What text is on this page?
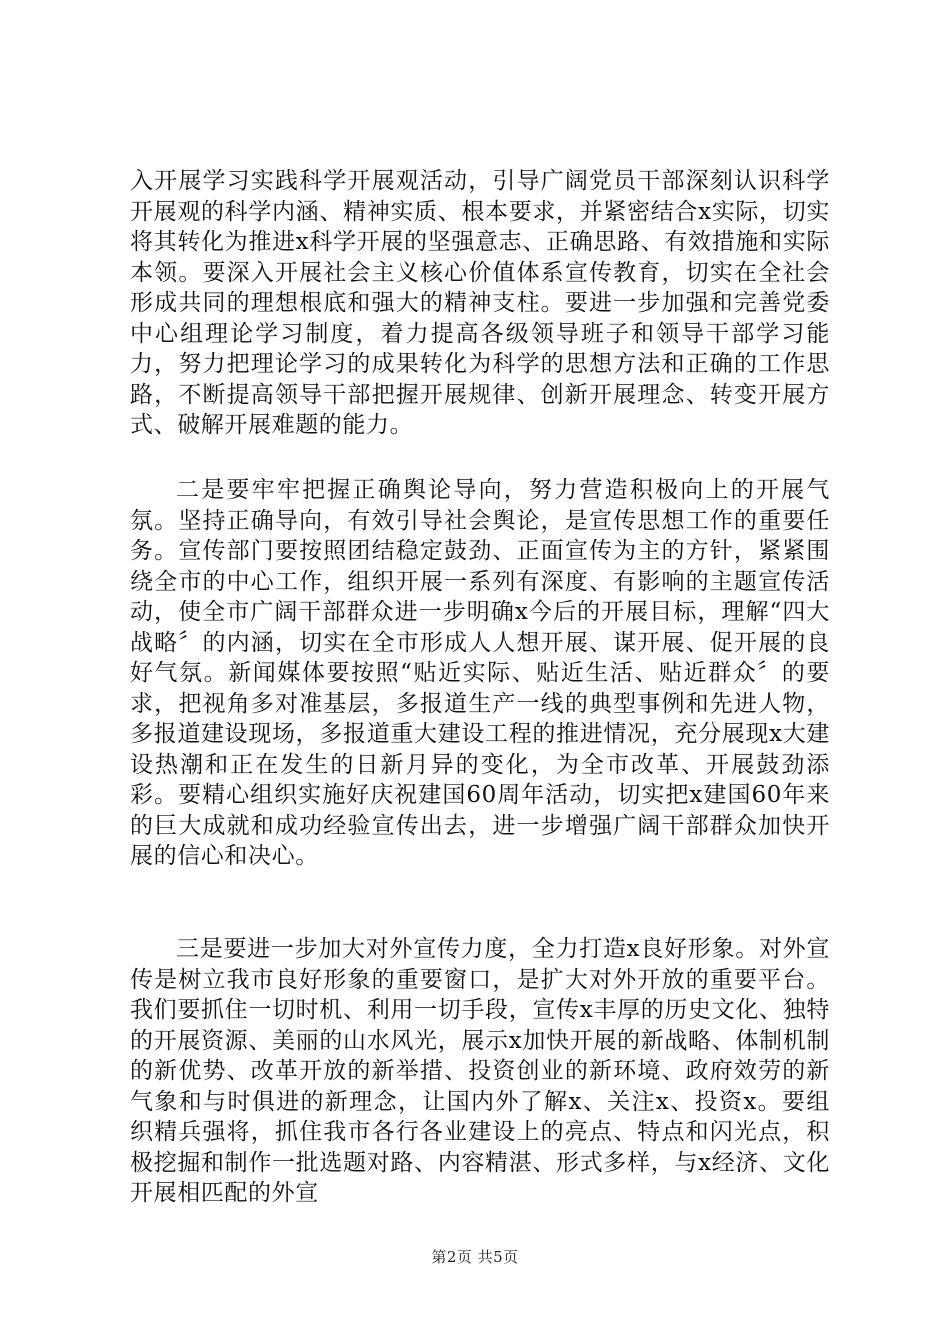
入开展学习实践科学开展观活动，引导广阔党员干部深刻认识科学开展观的科学内涵、精神实质、根本要求，并紧密结合x实际，切实将其转化为推进x科学开展的坚强意志、正确思路、有效措施和实际本领。要深入开展社会主义核心价值体系宣传教育，切实在全社会形成共同的理想根底和强大的精神支柱。要进一步加强和完善党委中心组理论学习制度，着力提高各级领导班子和领导干部学习能力，努力把理论学习的成果转化为科学的思想方法和正确的工作思路，不断提高领导干部把握开展规律、创新开展理念、转变开展方式、破解开展难题的能力。

二是要牢牢把握正确舆论导向，努力营造积极向上的开展气氛。坚持正确导向，有效引导社会舆论，是宣传思想工作的重要任务。宣传部门要按照团结稳定鼓劲、正面宣传为主的方针，紧紧围绕全市的中心工作，组织开展一系列有深度、有影响的主题宣传活动，使全市广阔干部群众进一步明确x今后的开展目标，理解“四大战略〞的内涵，切实在全市形成人人想开展、谋开展、促开展的良好气氛。新闻媒体要按照“贴近实际、贴近生活、贴近群众〞的要求，把视角多对准基层，多报道生产一线的典型事例和先进人物，多报道建设现场，多报道重大建设工程的推进情况，充分展现x大建设热潮和正在发生的日新月异的变化，为全市改革、开展鼓劲添彩。要精心组织实施好庆祝建国60周年活动，切实把x建国60年来的巨大成就和成功经验宣传出去，进一步增强广阔干部群众加快开展的信心和决心。

三是要进一步加大对外宣传力度，全力打造x良好形象。对外宣传是树立我市良好形象的重要窗口，是扩大对外开放的重要平台。我们要抓住一切时机、利用一切手段，宣传x丰厚的历史文化、独特的开展资源、美丽的山水风光，展示x加快开展的新战略、体制机制的新优势、改革开放的新举措、投资创业的新环境、政府效劳的新气象和与时俱进的新理念，让国内外了解x、关注x、投资x。要组织精兵强将，抓住我市各行各业建设上的亮点、特点和闪光点，积极挖掘和制作一批选题对路、内容精湛、形式多样，与x经济、文化开展相匹配的外宣

第2页 共5页
